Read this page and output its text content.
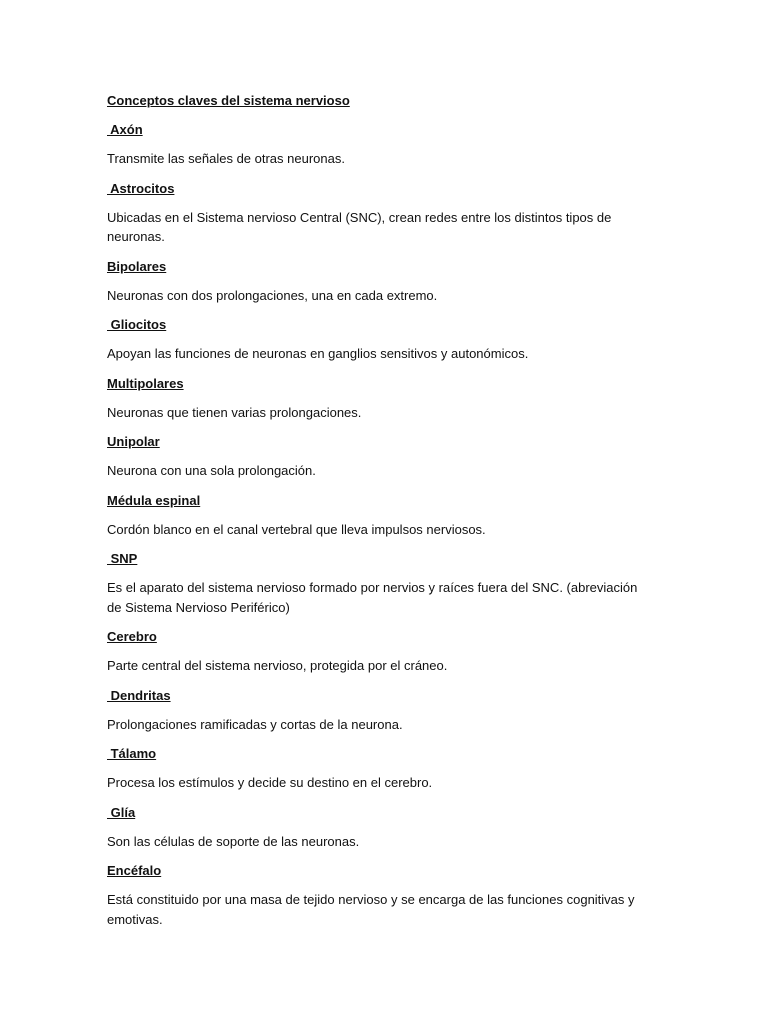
Conceptos claves del sistema nervioso
Axón
Transmite las señales de otras neuronas.
Astrocitos
Ubicadas en el Sistema nervioso Central (SNC), crean redes entre los distintos tipos de neuronas.
Bipolares
Neuronas con dos prolongaciones, una en cada extremo.
Gliocitos
Apoyan las funciones de neuronas en ganglios sensitivos y autonómicos.
Multipolares
Neuronas que tienen varias prolongaciones.
Unipolar
Neurona con una sola prolongación.
Médula espinal
Cordón blanco en el canal vertebral que lleva impulsos nerviosos.
SNP
Es el aparato del sistema nervioso formado por nervios y raíces fuera del SNC. (abreviación de Sistema Nervioso Periférico)
Cerebro
Parte central del sistema nervioso, protegida por el cráneo.
Dendritas
Prolongaciones ramificadas y cortas de la neurona.
Tálamo
Procesa los estímulos y decide su destino en el cerebro.
Glía
Son las células de soporte de las neuronas.
Encéfalo
Está constituido por una masa de tejido nervioso y se encarga de las funciones cognitivas y emotivas.
